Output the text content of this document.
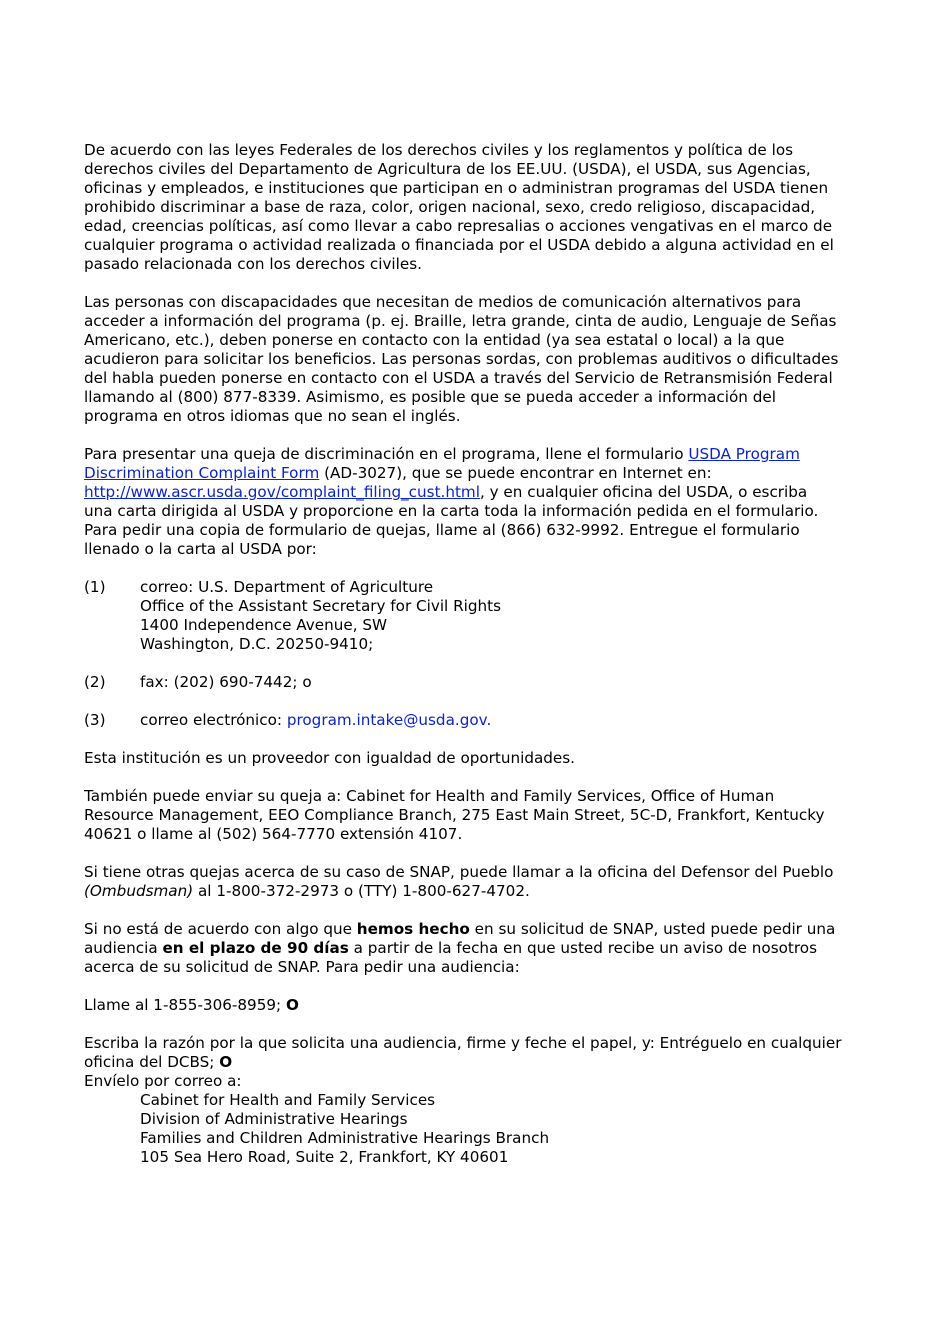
De acuerdo con las leyes Federales de los derechos civiles y los reglamentos y política de los
derechos civiles del Departamento de Agricultura de los EE.UU. (USDA), el USDA, sus Agencias,
oficinas y empleados, e instituciones que participan en o administran programas del USDA tienen
prohibido discriminar a base de raza, color, origen nacional, sexo, credo religioso, discapacidad,
edad, creencias políticas, así como llevar a cabo represalias o acciones vengativas en el marco de
cualquier programa o actividad realizada o financiada por el USDA debido a alguna actividad en el
pasado relacionada con los derechos civiles.

Las personas con discapacidades que necesitan de medios de comunicación alternativos para
acceder a información del programa (p. ej. Braille, letra grande, cinta de audio, Lenguaje de Señas
Americano, etc.), deben ponerse en contacto con la entidad (ya sea estatal o local) a la que
acudieron para solicitar los beneficios. Las personas sordas, con problemas auditivos o dificultades
del habla pueden ponerse en contacto con el USDA a través del Servicio de Retransmisión Federal
llamando al (800) 877-8339. Asimismo, es posible que se pueda acceder a información del
programa en otros idiomas que no sean el inglés.

Para presentar una queja de discriminación en el programa, llene el formulario USDA Program
Discrimination Complaint Form (AD-3027), que se puede encontrar en Internet en:
http://www.ascr.usda.gov/complaint_filing_cust.html, y en cualquier oficina del USDA, o escriba
una carta dirigida al USDA y proporcione en la carta toda la información pedida en el formulario.
Para pedir una copia de formulario de quejas, llame al (866) 632-9992. Entregue el formulario
llenado o la carta al USDA por:

(1) correo: U.S. Department of Agriculture
Office of the Assistant Secretary for Civil Rights
1400 Independence Avenue, SW
Washington, D.C. 20250-9410;
(2) fax: (202) 690-7442; o
(3) correo electrónico: program.intake@usda.gov.

Esta institución es un proveedor con igualdad de oportunidades.

También puede enviar su queja a: Cabinet for Health and Family Services, Office of Human
Resource Management, EEO Compliance Branch, 275 East Main Street, 5C-D, Frankfort, Kentucky
40621 o llame al (502) 564-7770 extensión 4107.

Si tiene otras quejas acerca de su caso de SNAP, puede llamar a la oficina del Defensor del Pueblo
(Ombudsman) al 1-800-372-2973 o (TTY) 1-800-627-4702.

Si no está de acuerdo con algo que hemos hecho en su solicitud de SNAP, usted puede pedir una
audiencia en el plazo de 90 días a partir de la fecha en que usted recibe un aviso de nosotros
acerca de su solicitud de SNAP. Para pedir una audiencia:

Llame al 1-855-306-8959; O

Escriba la razón por la que solicita una audiencia, firme y feche el papel, y: Entréguelo en cualquier
oficina del DCBS; O
Envíelo por correo a:
Cabinet for Health and Family Services
Division of Administrative Hearings
Families and Children Administrative Hearings Branch
105 Sea Hero Road, Suite 2, Frankfort, KY 40601
